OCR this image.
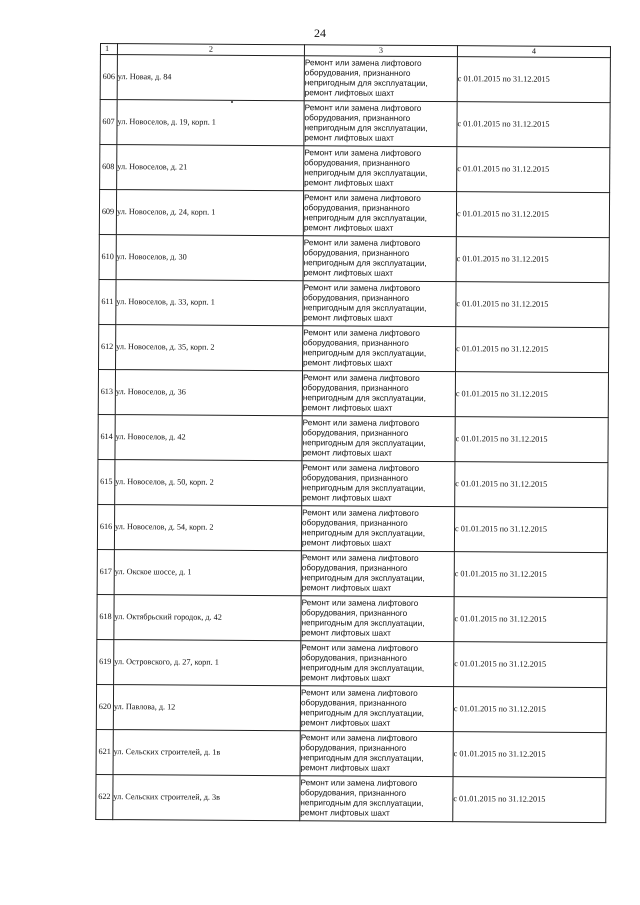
24
1	2	3	4
606	ул. Новая, д. 84	Ремонт или замена лифтового оборудования, признанного непригодным для эксплуатации, ремонт лифтовых шахт	с 01.01.2015 по 31.12.2015
607	ул. Новоселов, д. 19, корп. 1	Ремонт или замена лифтового оборудования, признанного непригодным для эксплуатации, ремонт лифтовых шахт	с 01.01.2015 по 31.12.2015
608	ул. Новоселов, д. 21	Ремонт или замена лифтового оборудования, признанного непригодным для эксплуатации, ремонт лифтовых шахт	с 01.01.2015 по 31.12.2015
609	ул. Новоселов, д. 24, корп. 1	Ремонт или замена лифтового оборудования, признанного непригодным для эксплуатации, ремонт лифтовых шахт	с 01.01.2015 по 31.12.2015
610	ул. Новоселов, д. 30	Ремонт или замена лифтового оборудования, признанного непригодным для эксплуатации, ремонт лифтовых шахт	с 01.01.2015 по 31.12.2015
611	ул. Новоселов, д. 33, корп. 1	Ремонт или замена лифтового оборудования, признанного непригодным для эксплуатации, ремонт лифтовых шахт	с 01.01.2015 по 31.12.2015
612	ул. Новоселов, д. 35, корп. 2	Ремонт или замена лифтового оборудования, признанного непригодным для эксплуатации, ремонт лифтовых шахт	с 01.01.2015 по 31.12.2015
613	ул. Новоселов, д. 36	Ремонт или замена лифтового оборудования, признанного непригодным для эксплуатации, ремонт лифтовых шахт	с 01.01.2015 по 31.12.2015
614	ул. Новоселов, д. 42	Ремонт или замена лифтового оборудования, признанного непригодным для эксплуатации, ремонт лифтовых шахт	с 01.01.2015 по 31.12.2015
615	ул. Новоселов, д. 50, корп. 2	Ремонт или замена лифтового оборудования, признанного непригодным для эксплуатации, ремонт лифтовых шахт	с 01.01.2015 по 31.12.2015
616	ул. Новоселов, д. 54, корп. 2	Ремонт или замена лифтового оборудования, признанного непригодным для эксплуатации, ремонт лифтовых шахт	с 01.01.2015 по 31.12.2015
617	ул. Окское шоссе, д. 1	Ремонт или замена лифтового оборудования, признанного непригодным для эксплуатации, ремонт лифтовых шахт	с 01.01.2015 по 31.12.2015
618	ул. Октябрьский городок, д. 42	Ремонт или замена лифтового оборудования, признанного непригодным для эксплуатации, ремонт лифтовых шахт	с 01.01.2015 по 31.12.2015
619	ул. Островского, д. 27, корп. 1	Ремонт или замена лифтового оборудования, признанного непригодным для эксплуатации, ремонт лифтовых шахт	с 01.01.2015 по 31.12.2015
620	ул. Павлова, д. 12	Ремонт или замена лифтового оборудования, признанного непригодным для эксплуатации, ремонт лифтовых шахт	с 01.01.2015 по 31.12.2015
621	ул. Сельских строителей, д. 1в	Ремонт или замена лифтового оборудования, признанного непригодным для эксплуатации, ремонт лифтовых шахт	с 01.01.2015 по 31.12.2015
622	ул. Сельских строителей, д. 3в	Ремонт или замена лифтового оборудования, признанного непригодным для эксплуатации, ремонт лифтовых шахт	с 01.01.2015 по 31.12.2015
